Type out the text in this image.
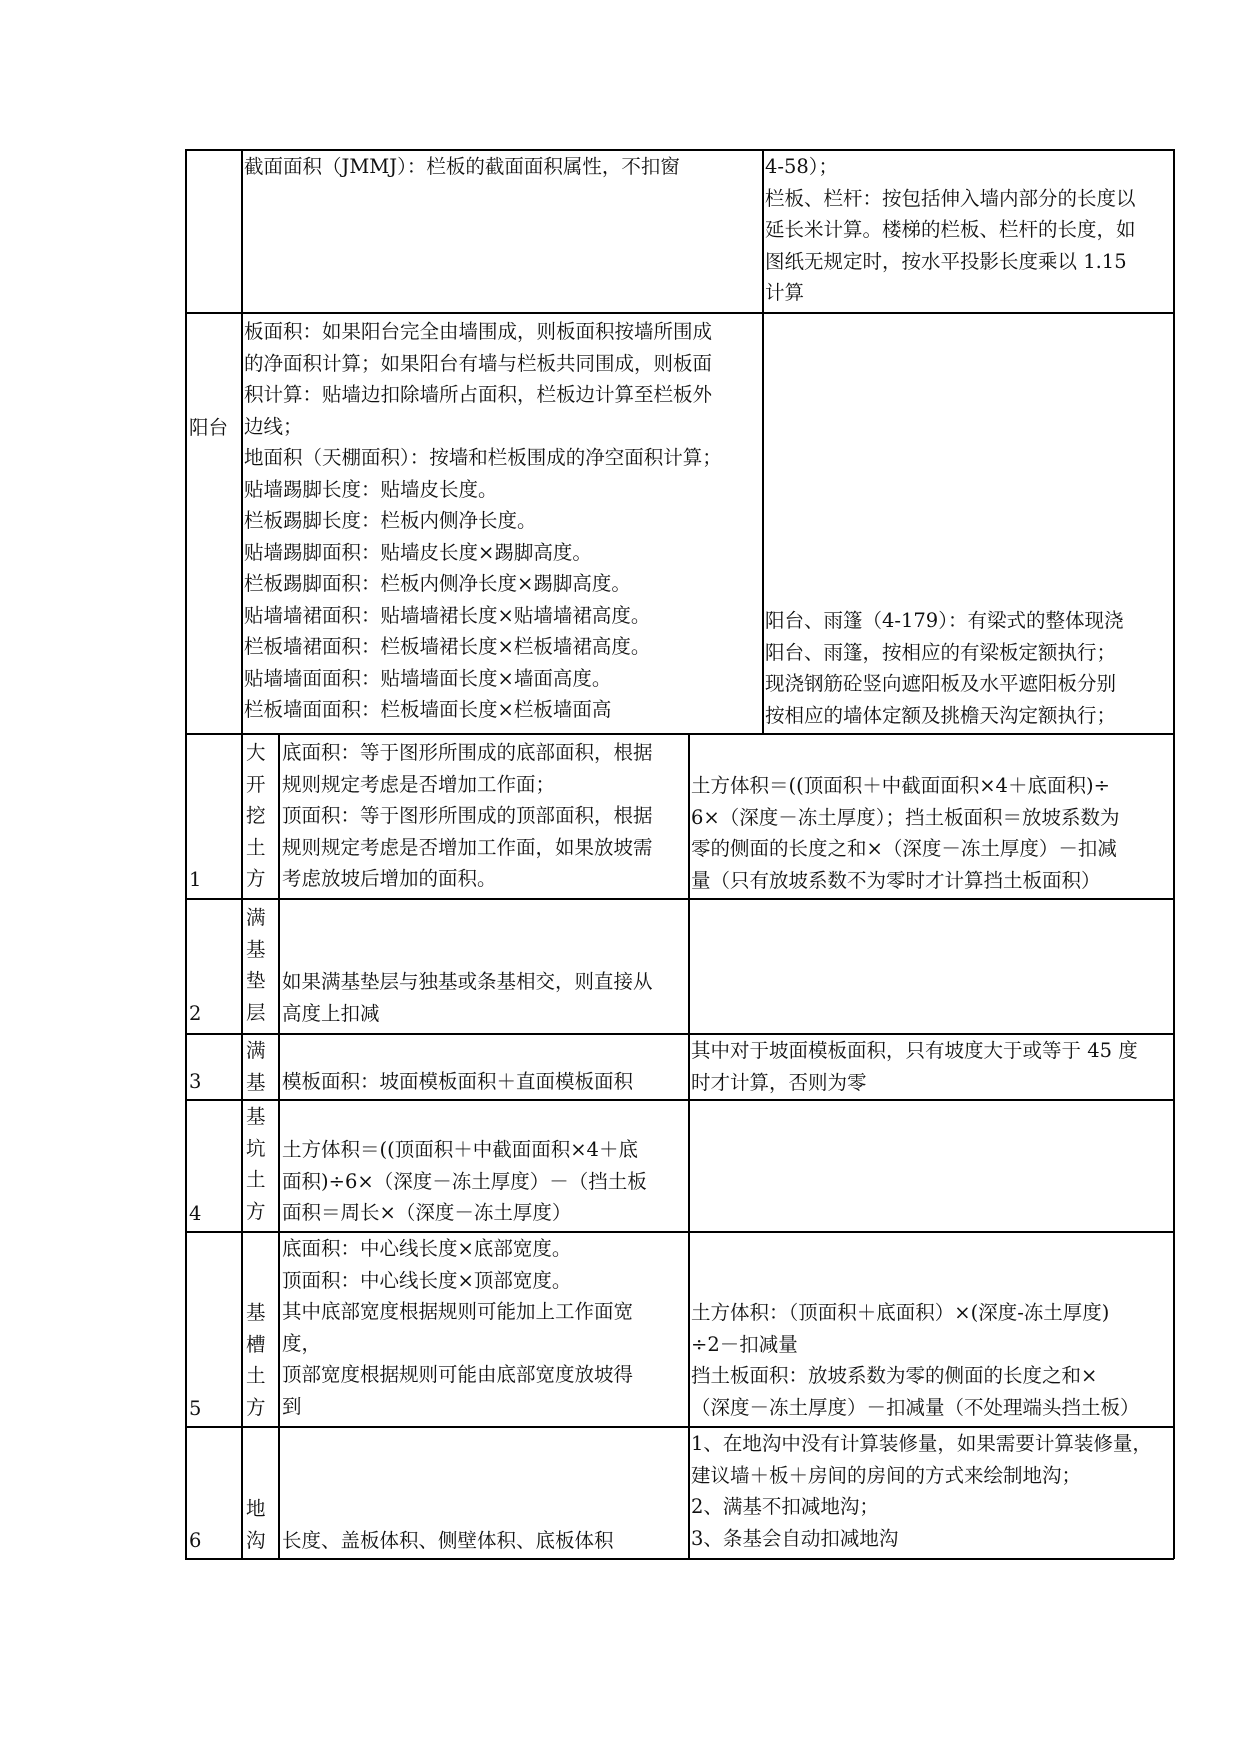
截面面积（JMMJ）：栏板的截面面积属性，不扣窗	4-58）；
栏板、栏杆：按包括伸入墙内部分的长度以
延长米计算。楼梯的栏板、栏杆的长度，如
图纸无规定时，按水平投影长度乘以 1.15
计算
阳台
板面积：如果阳台完全由墙围成，则板面积按墙所围成
的净面积计算；如果阳台有墙与栏板共同围成，则板面
积计算：贴墙边扣除墙所占面积，栏板边计算至栏板外
边线；
地面积（天棚面积）：按墙和栏板围成的净空面积计算；
贴墙踢脚长度：贴墙皮长度。
栏板踢脚长度：栏板内侧净长度。
贴墙踢脚面积：贴墙皮长度×踢脚高度。
栏板踢脚面积：栏板内侧净长度×踢脚高度。
贴墙墙裙面积：贴墙墙裙长度×贴墙墙裙高度。
栏板墙裙面积：栏板墙裙长度×栏板墙裙高度。
贴墙墙面面积：贴墙墙面长度×墙面高度。
栏板墙面面积：栏板墙面长度×栏板墙面高
阳台、雨篷（4-179）：有梁式的整体现浇
阳台、雨篷，按相应的有梁板定额执行；
现浇钢筋砼竖向遮阳板及水平遮阳板分别
按相应的墙体定额及挑檐天沟定额执行；
1
大
开
挖
土
方
底面积：等于图形所围成的底部面积，根据
规则规定考虑是否增加工作面；
顶面积：等于图形所围成的顶部面积，根据
规则规定考虑是否增加工作面，如果放坡需
考虑放坡后增加的面积。
土方体积＝((顶面积＋中截面面积×4＋底面积)÷
6×（深度－冻土厚度）；挡土板面积＝放坡系数为
零的侧面的长度之和×（深度－冻土厚度）－扣减
量（只有放坡系数不为零时才计算挡土板面积）
2
满
基
垫
层
如果满基垫层与独基或条基相交，则直接从
高度上扣减
3
满
基 模板面积：坡面模板面积＋直面模板面积
其中对于坡面模板面积，只有坡度大于或等于 45 度
时才计算，否则为零
4
基
坑
土
方
土方体积＝((顶面积＋中截面面积×4＋底
面积)÷6×（深度－冻土厚度）－（挡土板
面积＝周长×（深度－冻土厚度）
5
基
槽
土
方
底面积：中心线长度×底部宽度。
顶面积：中心线长度×顶部宽度。
其中底部宽度根据规则可能加上工作面宽
度，
顶部宽度根据规则可能由底部宽度放坡得
到
土方体积：（顶面积＋底面积）×(深度-冻土厚度)
÷2－扣减量
挡土板面积：放坡系数为零的侧面的长度之和×
（深度－冻土厚度）－扣减量（不处理端头挡土板）
6
地
沟 长度、盖板体积、侧壁体积、底板体积
1、在地沟中没有计算装修量，如果需要计算装修量，
建议墙＋板＋房间的房间的方式来绘制地沟；
2、满基不扣减地沟；
3、条基会自动扣减地沟
